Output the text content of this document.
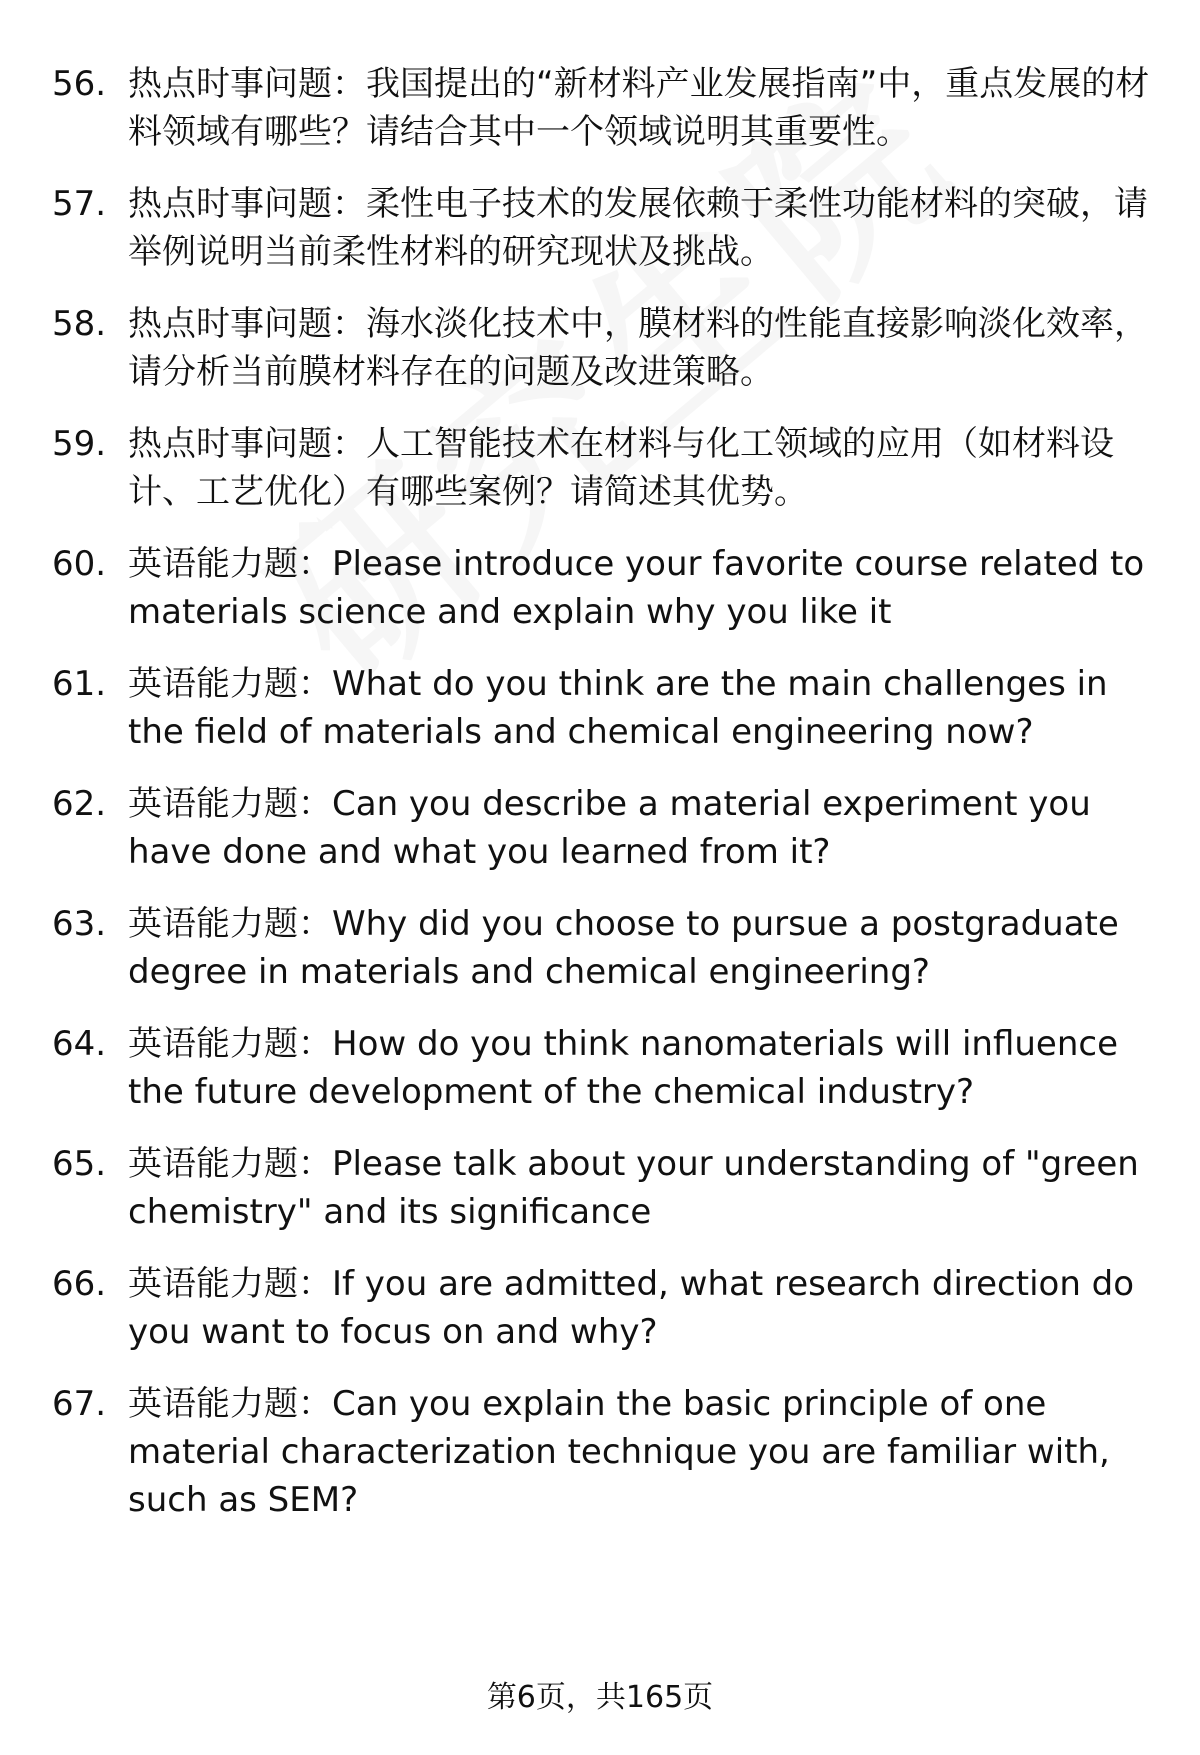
56. 热点时事问题：我国提出的“新材料产业发展指南”中，重点发展的材料领域有哪些？请结合其中一个领域说明其重要性。
57. 热点时事问题：柔性电子技术的发展依赖于柔性功能材料的突破，请举例说明当前柔性材料的研究现状及挑战。
58. 热点时事问题：海水淡化技术中，膜材料的性能直接影响淡化效率，请分析当前膜材料存在的问题及改进策略。
59. 热点时事问题：人工智能技术在材料与化工领域的应用（如材料设计、工艺优化）有哪些案例？请简述其优势。
60. 英语能力题：Please introduce your favorite course related to materials science and explain why you like it
61. 英语能力题：What do you think are the main challenges in the field of materials and chemical engineering now?
62. 英语能力题：Can you describe a material experiment you have done and what you learned from it?
63. 英语能力题：Why did you choose to pursue a postgraduate degree in materials and chemical engineering?
64. 英语能力题：How do you think nanomaterials will influence the future development of the chemical industry?
65. 英语能力题：Please talk about your understanding of "green chemistry" and its significance
66. 英语能力题：If you are admitted, what research direction do you want to focus on and why?
67. 英语能力题：Can you explain the basic principle of one material characterization technique you are familiar with, such as SEM?
第6页，共165页
